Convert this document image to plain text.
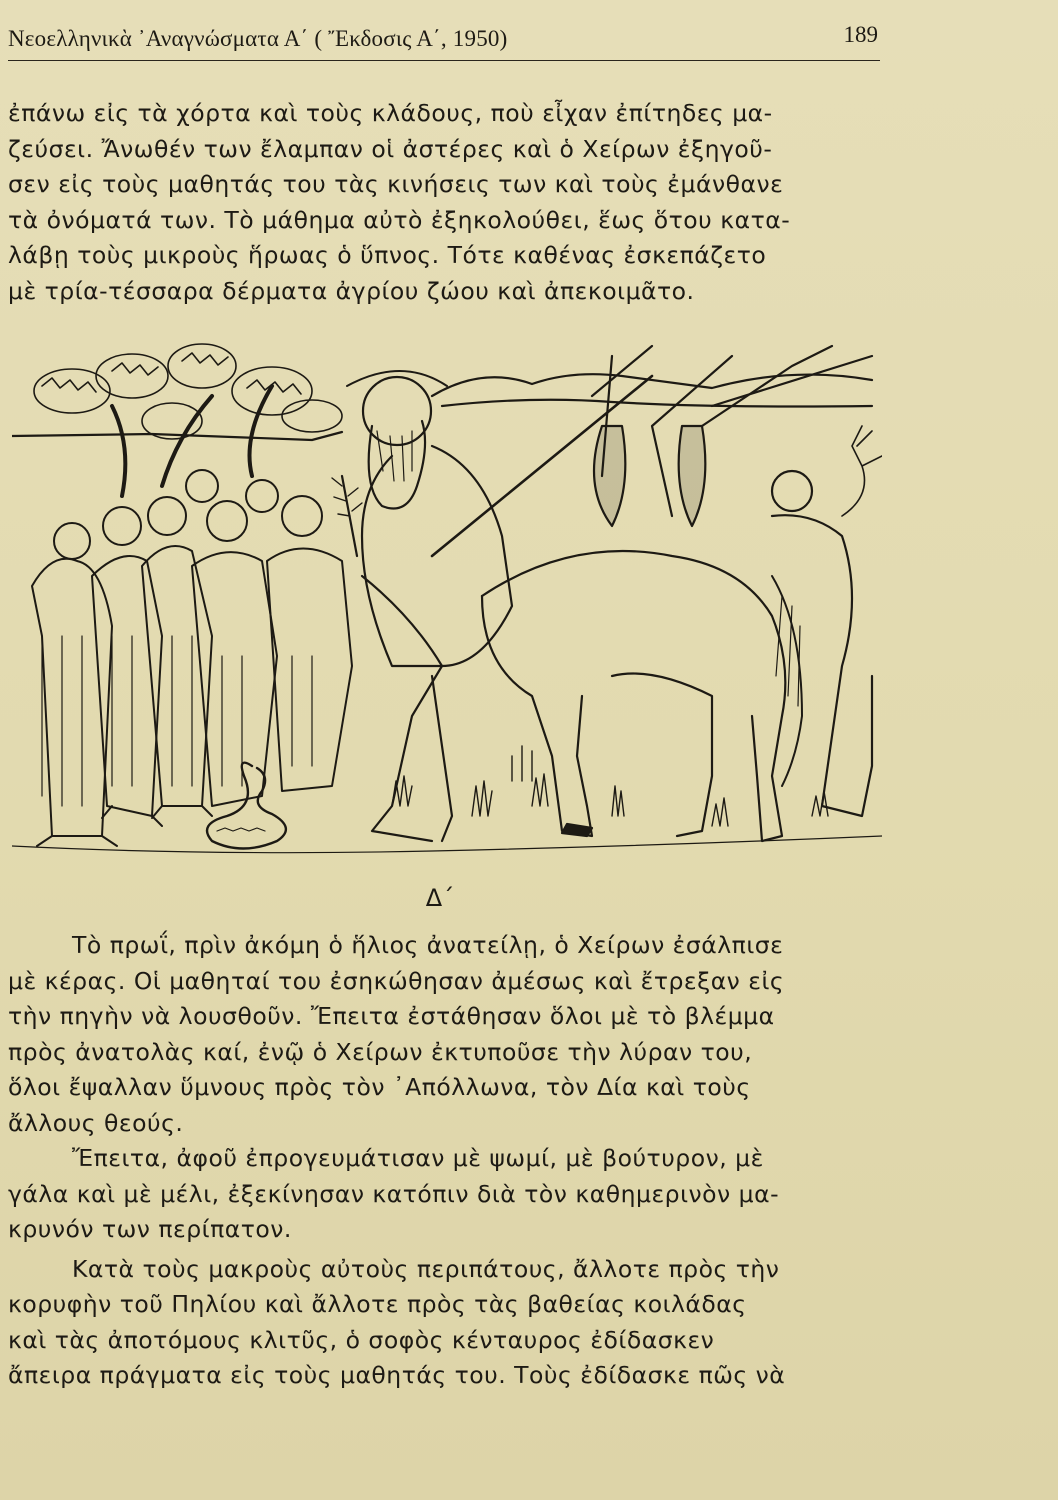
Νεοελληνικὰ ᾿Αναγνώσματα Α΄ ( Ἔκδοσις Α΄, 1950)	189
ἐπάνω εἰς τὰ χόρτα καὶ τοὺς κλάδους, ποὺ εἶχαν ἐπίτηδες μα-
ζεύσει. Ἄνωθέν των ἔλαμπαν οἱ ἀστέρες καὶ ὁ Χείρων ἐξηγοῦ-
σεν εἰς τοὺς μαθητάς του τὰς κινήσεις των καὶ τοὺς ἐμάνθανε
τὰ ὀνόματά των. Τὸ μάθημα αὐτὸ ἐξηκολούθει, ἕως ὅτου κατα-
λάβῃ τοὺς μικροὺς ἥρωας ὁ ὕπνος. Τότε καθένας ἐσκεπάζετο
μὲ τρία-τέσσαρα δέρματα ἀγρίου ζώου καὶ ἀπεκοιμᾶτο.
Δ΄
Τὸ πρωΐ, πρὶν ἀκόμη ὁ ἥλιος ἀνατείλῃ, ὁ Χείρων ἐσάλπισε
μὲ κέρας. Οἱ μαθηταί του ἐσηκώθησαν ἀμέσως καὶ ἔτρεξαν εἰς
τὴν πηγὴν νὰ λουσθοῦν. Ἔπειτα ἐστάθησαν ὅλοι μὲ τὸ βλέμμα
πρὸς ἀνατολὰς καί, ἐνῷ ὁ Χείρων ἐκτυποῦσε τὴν λύραν του,
ὅλοι ἔψαλλαν ὕμνους πρὸς τὸν ᾿Απόλλωνα, τὸν Δία καὶ τοὺς
ἄλλους θεούς.
Ἔπειτα, ἀφοῦ ἐπρογευμάτισαν μὲ ψωμί, μὲ βούτυρον, μὲ
γάλα καὶ μὲ μέλι, ἐξεκίνησαν κατόπιν διὰ τὸν καθημερινὸν μα-
κρυνόν των περίπατον.
Κατὰ τοὺς μακροὺς αὐτοὺς περιπάτους, ἄλλοτε πρὸς τὴν
κορυφὴν τοῦ Πηλίου καὶ ἄλλοτε πρὸς τὰς βαθείας κοιλάδας
καὶ τὰς ἀποτόμους κλιτῦς, ὁ σοφὸς κένταυρος ἐδίδασκεν
ἄπειρα πράγματα εἰς τοὺς μαθητάς του. Τοὺς ἐδίδασκε πῶς νὰ
